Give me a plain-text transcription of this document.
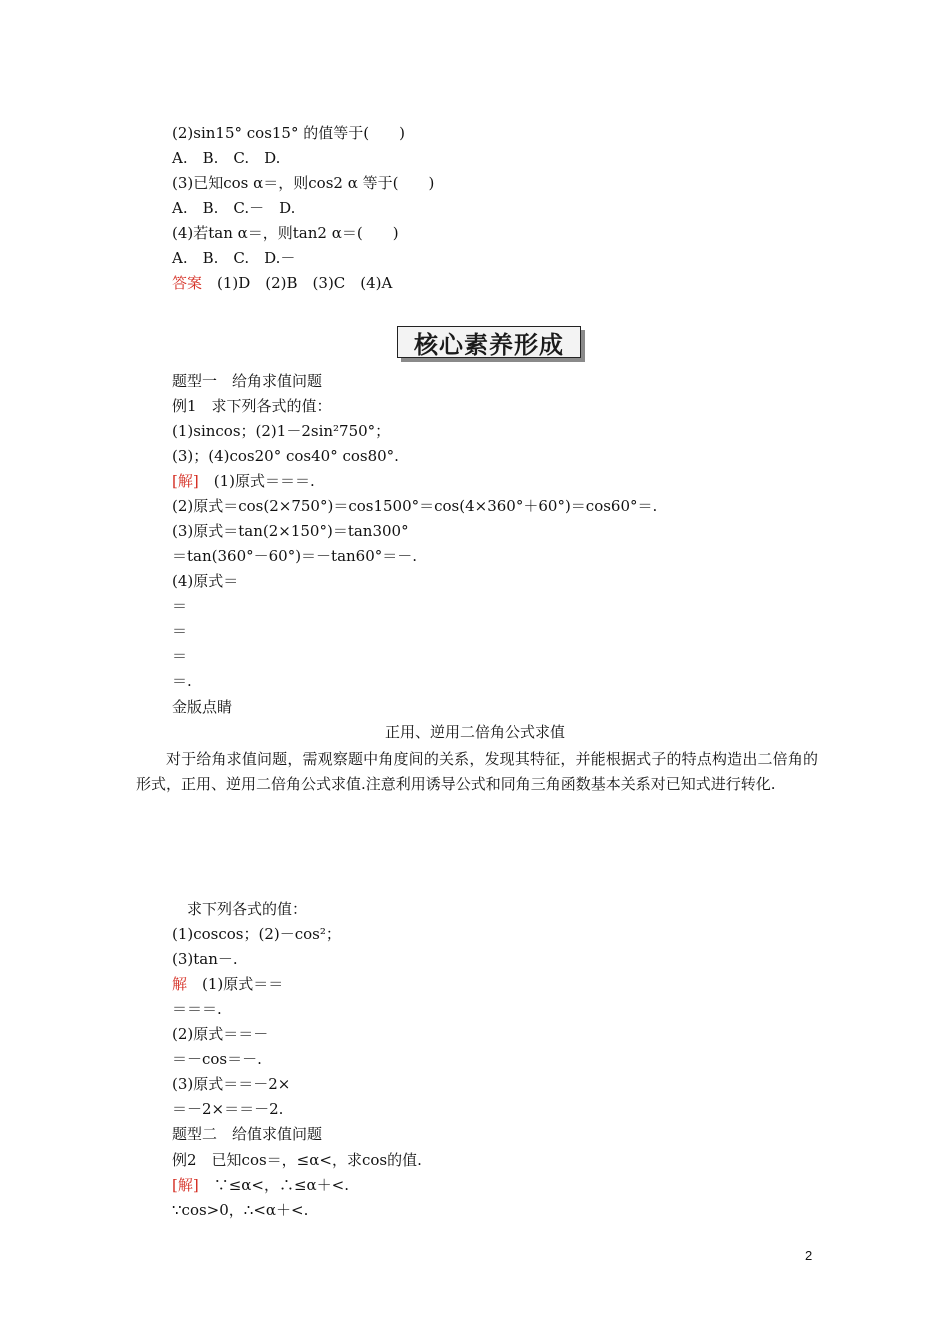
(2)sin15° cos15° 的值等于(　　)
A.　B.　C.　D.
(3)已知cos α＝，则cos2 α 等于(　　)
A.　B.　C.－　D.
(4)若tan α＝，则tan2 α＝(　　)
A.　B.　C.　D.－
答案　(1)D　(2)B　(3)C　(4)A
核心素养形成
题型一　给角求值问题
例1　求下列各式的值：
(1)sincos；(2)1－2sin²750°；
(3)；(4)cos20° cos40° cos80°.
[解]　(1)原式＝＝＝.
(2)原式＝cos(2×750°)＝cos1500°＝cos(4×360°＋60°)＝cos60°＝.
(3)原式＝tan(2×150°)＝tan300°
＝tan(360°－60°)＝－tan60°＝－.
(4)原式＝
＝
＝
＝
＝.
金版点睛
正用、逆用二倍角公式求值
对于给角求值问题，需观察题中角度间的关系，发现其特征，并能根据式子的特点构造出二倍角的形式，正用、逆用二倍角公式求值.注意利用诱导公式和同角三角函数基本关系对已知式进行转化.
　求下列各式的值：
(1)coscos；(2)－cos²；
(3)tan－.
解　(1)原式＝＝
＝＝＝.
(2)原式＝＝－
＝－cos＝－.
(3)原式＝＝－2×
＝－2×＝＝－2.
题型二　给值求值问题
例2　已知cos＝，≤α<，求cos的值.
[解]　∵≤α<，∴≤α＋<.
∵cos>0，∴<α＋<.
2
